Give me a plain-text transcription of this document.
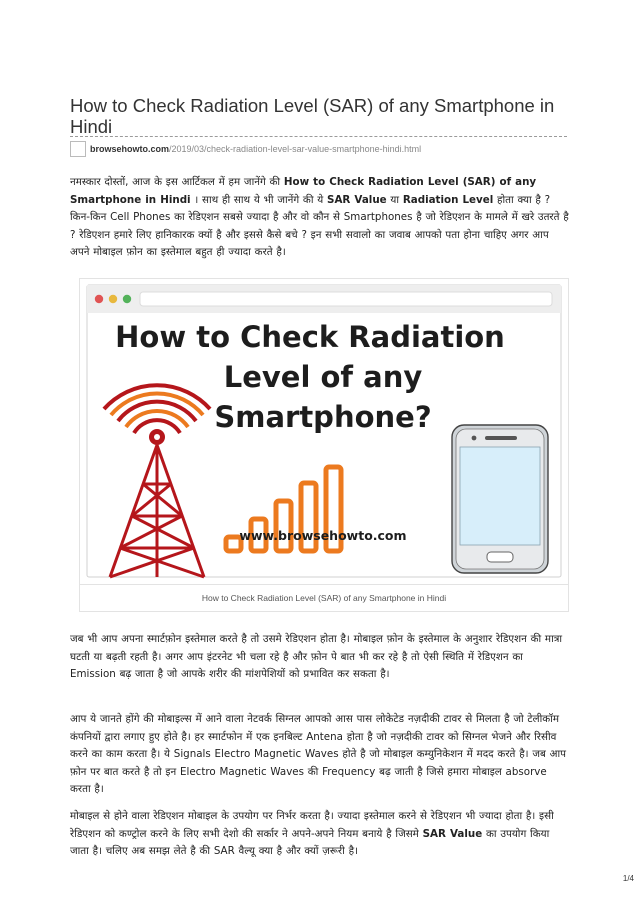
How to Check Radiation Level (SAR) of any Smartphone in Hindi
browsehowto.com/2019/03/check-radiation-level-sar-value-smartphone-hindi.html

नमस्कार दोस्तों, आज के इस आर्टिकल में हम जानेंगे की How to Check Radiation Level (SAR) of any Smartphone in Hindi । साथ ही साथ ये भी जानेंगे की ये SAR Value या Radiation Level होता क्या है ? किन-किन Cell Phones का रेडिएशन सबसे ज्यादा है और वो कौन से Smartphones है जो रेडिएशन के मामले में खरे उतरते है ? रेडिएशन हमारे लिए हानिकारक क्यों है और इससे कैसे बचे ? इन सभी सवालो का जवाब आपको पता होना चाहिए अगर आप अपने मोबाइल फ़ोन का इस्तेमाल बहुत ही ज्यादा करते है।

How to Check Radiation
Level of any
Smartphone?
www.browsehowto.com
How to Check Radiation Level (SAR) of any Smartphone in Hindi

जब भी आप अपना स्मार्टफ़ोन इस्तेमाल करते है तो उसमे रेडिएशन होता है। मोबाइल फ़ोन के इस्तेमाल के अनुशार रेडिएशन की मात्रा घटती या बढ़ती रहती है। अगर आप इंटरनेट भी चला रहे है और फ़ोन पे बात भी कर रहे है तो ऐसी स्थिति में रेडिएशन का Emission बढ़ जाता है जो आपके शरीर की मांशपेशियों को प्रभावित कर सकता है।

आप ये जानते होंगे की मोबाइल्स में आने वाला नेटवर्क सिग्नल आपको आस पास लोकेटेड नज़दीकी टावर से मिलता है जो टेलीकॉम कंपनियों द्वारा लगाए हुए होते है। हर स्मार्टफोन में एक इनबिल्ट Antena होता है जो नज़दीकी टावर को सिग्नल भेजने और रिसीव करने का काम करता है। ये Signals Electro Magnetic Waves होते है जो मोबाइल कम्युनिकेशन में मदद करते है। जब आप फ़ोन पर बात करते है तो इन Electro Magnetic Waves की Frequency बढ़ जाती है जिसे हमारा मोबाइल absorve करता है।

मोबाइल से होने वाला रेडिएशन मोबाइल के उपयोग पर निर्भर करता है। ज्यादा इस्तेमाल करने से रेडिएशन भी ज्यादा होता है। इसी रेडिएशन को कण्ट्रोल करने के लिए सभी देशो की सर्कार ने अपने-अपने नियम बनाये है जिसमे SAR Value का उपयोग किया जाता है। चलिए अब समझ लेते है की SAR वैल्यू क्या है और क्यों ज़रूरी है।

1/4
